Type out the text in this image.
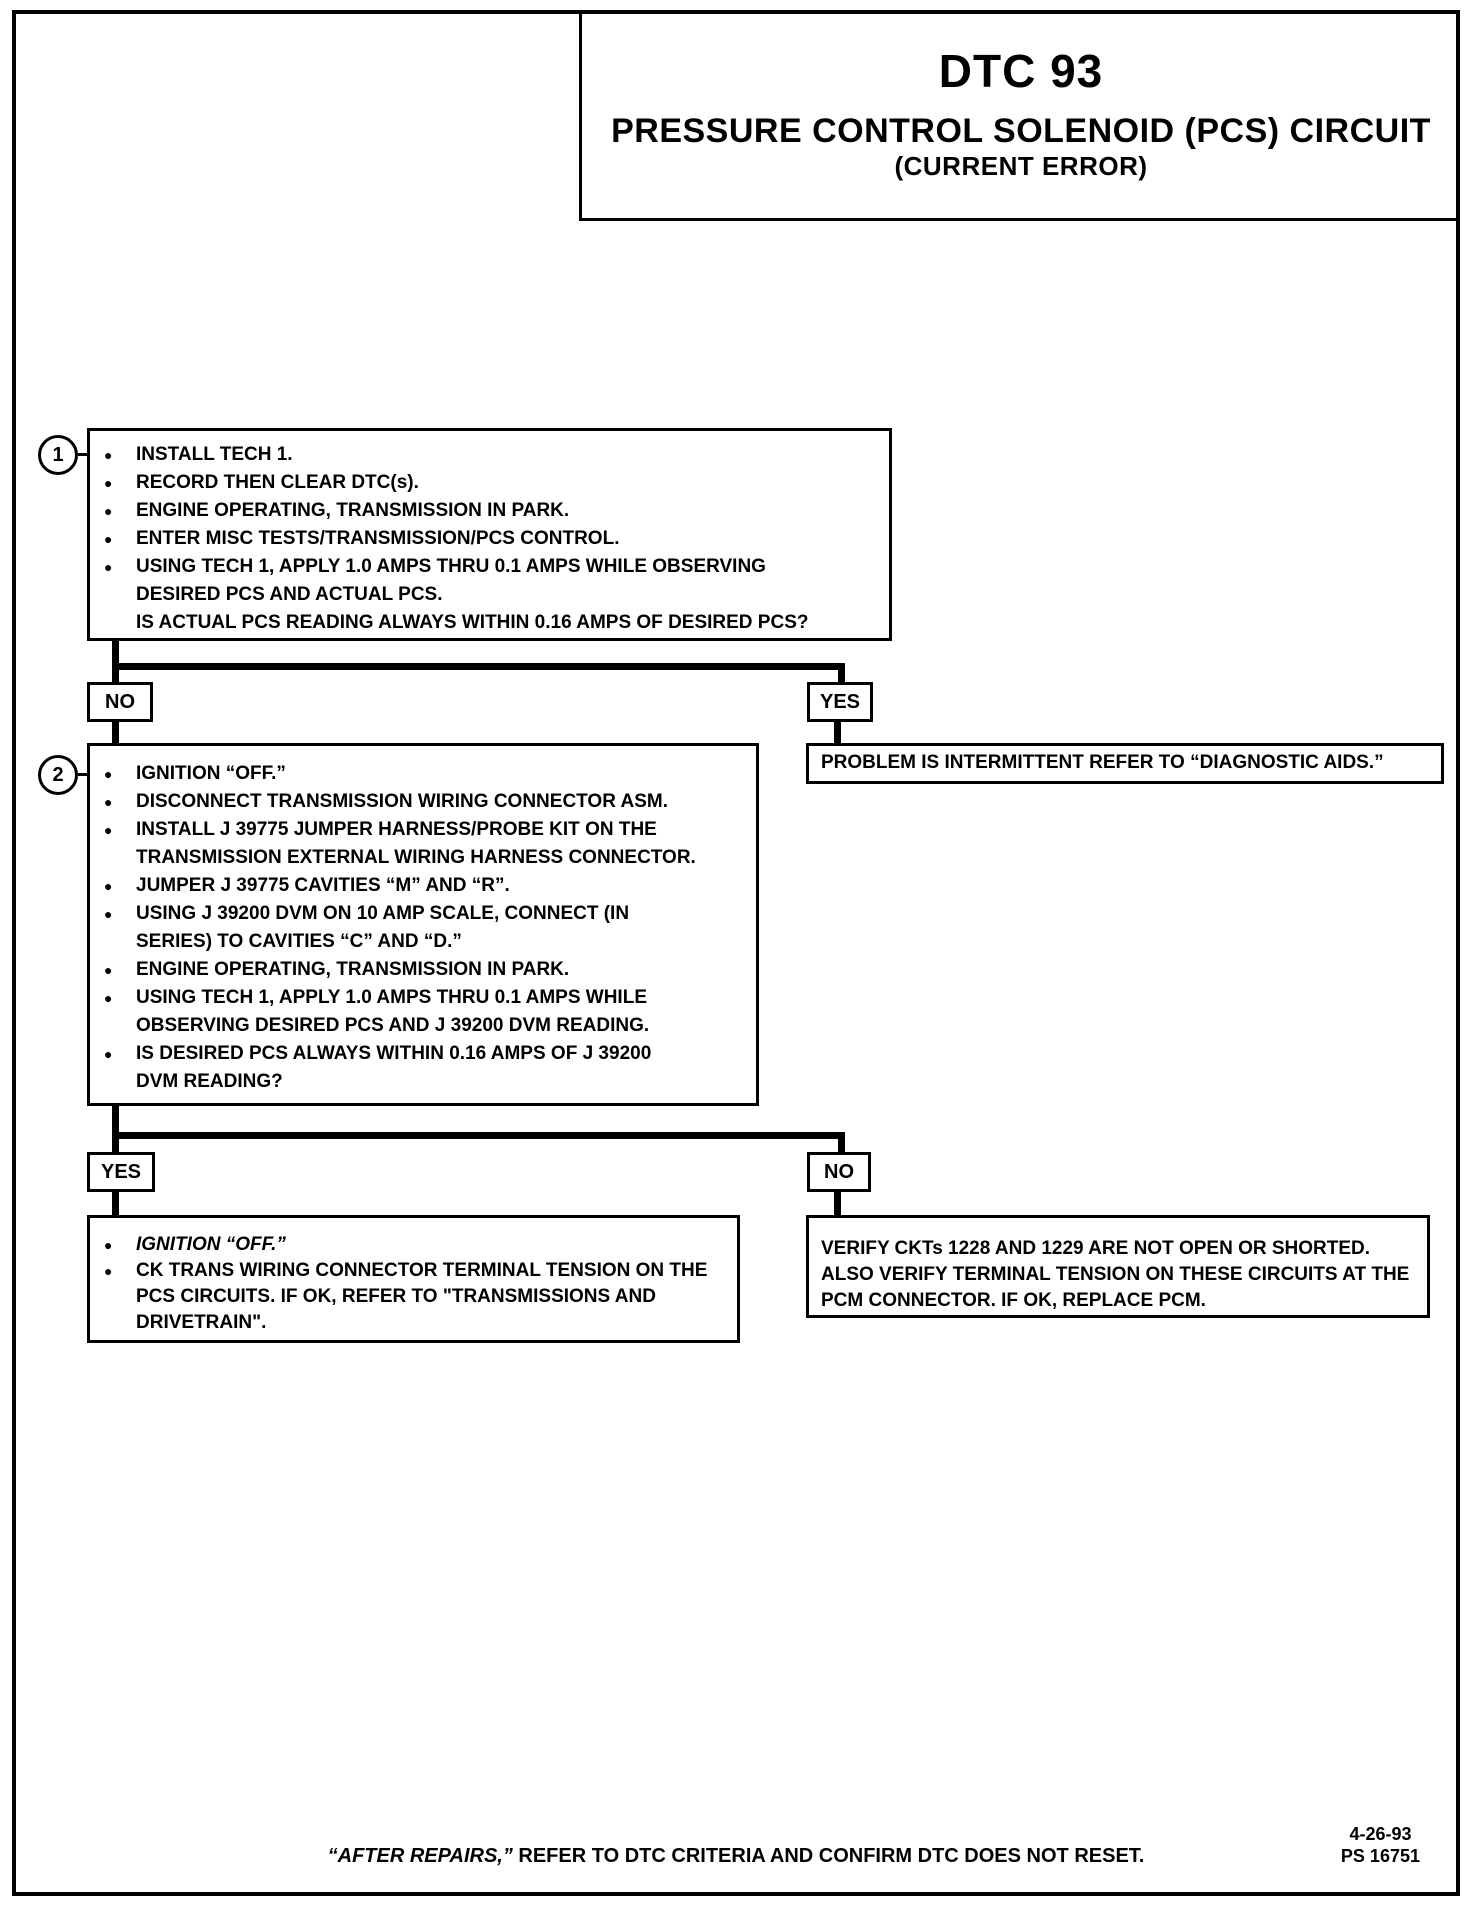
DTC 93
PRESSURE CONTROL SOLENOID (PCS) CIRCUIT
(CURRENT ERROR)
1	● INSTALL TECH 1.
● RECORD THEN CLEAR DTC(s).
● ENGINE OPERATING, TRANSMISSION IN PARK.
● ENTER MISC TESTS/TRANSMISSION/PCS CONTROL.
● USING TECH 1, APPLY 1.0 AMPS THRU 0.1 AMPS WHILE OBSERVING DESIRED PCS AND ACTUAL PCS.
IS ACTUAL PCS READING ALWAYS WITHIN 0.16 AMPS OF DESIRED PCS?
NO	YES
PROBLEM IS INTERMITTENT REFER TO “DIAGNOSTIC AIDS.”
2	● IGNITION “OFF.”
● DISCONNECT TRANSMISSION WIRING CONNECTOR ASM.
● INSTALL J 39775 JUMPER HARNESS/PROBE KIT ON THE TRANSMISSION EXTERNAL WIRING HARNESS CONNECTOR.
● JUMPER J 39775 CAVITIES “M” AND “R”.
● USING J 39200 DVM ON 10 AMP SCALE, CONNECT (IN SERIES) TO CAVITIES “C” AND “D.”
● ENGINE OPERATING, TRANSMISSION IN PARK.
● USING TECH 1, APPLY 1.0 AMPS THRU 0.1 AMPS WHILE OBSERVING DESIRED PCS AND J 39200 DVM READING.
● IS DESIRED PCS ALWAYS WITHIN 0.16 AMPS OF J 39200 DVM READING?
YES	NO
● IGNITION “OFF.”
● CK TRANS WIRING CONNECTOR TERMINAL TENSION ON THE PCS CIRCUITS. IF OK, REFER TO "TRANSMISSIONS AND DRIVETRAIN".
VERIFY CKTs 1228 AND 1229 ARE NOT OPEN OR SHORTED. ALSO VERIFY TERMINAL TENSION ON THESE CIRCUITS AT THE PCM CONNECTOR. IF OK, REPLACE PCM.
“AFTER REPAIRS,” REFER TO DTC CRITERIA AND CONFIRM DTC DOES NOT RESET.
4-26-93
PS 16751
